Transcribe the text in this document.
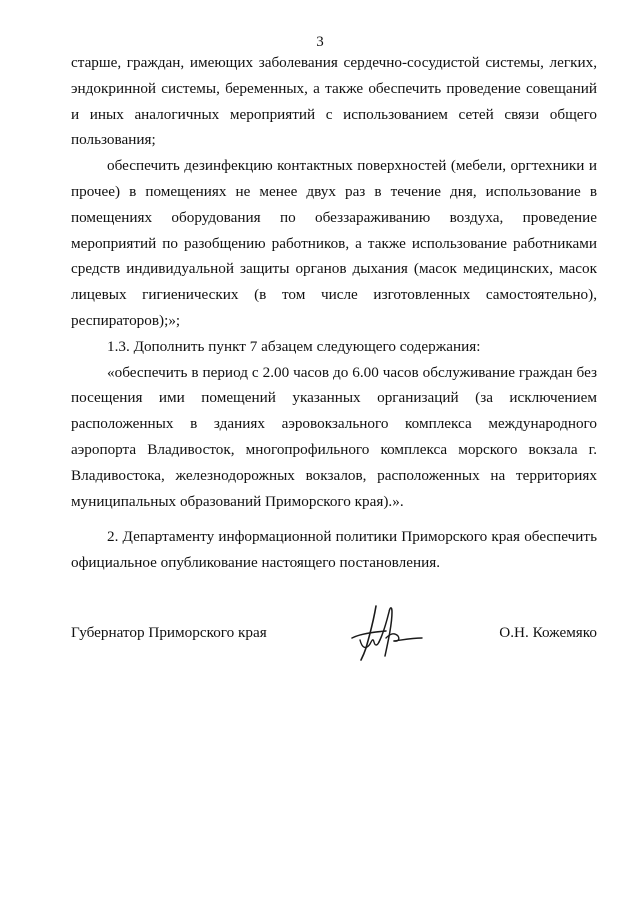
3

старше, граждан, имеющих заболевания сердечно-сосудистой системы, легких, эндокринной системы, беременных, а также обеспечить проведение совещаний и иных аналогичных мероприятий с использованием сетей связи общего пользования;

обеспечить дезинфекцию контактных поверхностей (мебели, оргтехники и прочее) в помещениях не менее двух раз в течение дня, использование в помещениях оборудования по обеззараживанию воздуха, проведение мероприятий по разобщению работников, а также использование работниками средств индивидуальной защиты органов дыхания (масок медицинских, масок лицевых гигиенических (в том числе изготовленных самостоятельно), респираторов);»;

1.3. Дополнить пункт 7 абзацем следующего содержания:

«обеспечить в период с 2.00 часов до 6.00 часов обслуживание граждан без посещения ими помещений указанных организаций (за исключением расположенных в зданиях аэровокзального комплекса международного аэропорта Владивосток, многопрофильного комплекса морского вокзала г. Владивостока, железнодорожных вокзалов, расположенных на территориях муниципальных образований Приморского края).».

2. Департаменту информационной политики Приморского края обеспечить официальное опубликование настоящего постановления.

Губернатор Приморского края	О.Н. Кожемяко
